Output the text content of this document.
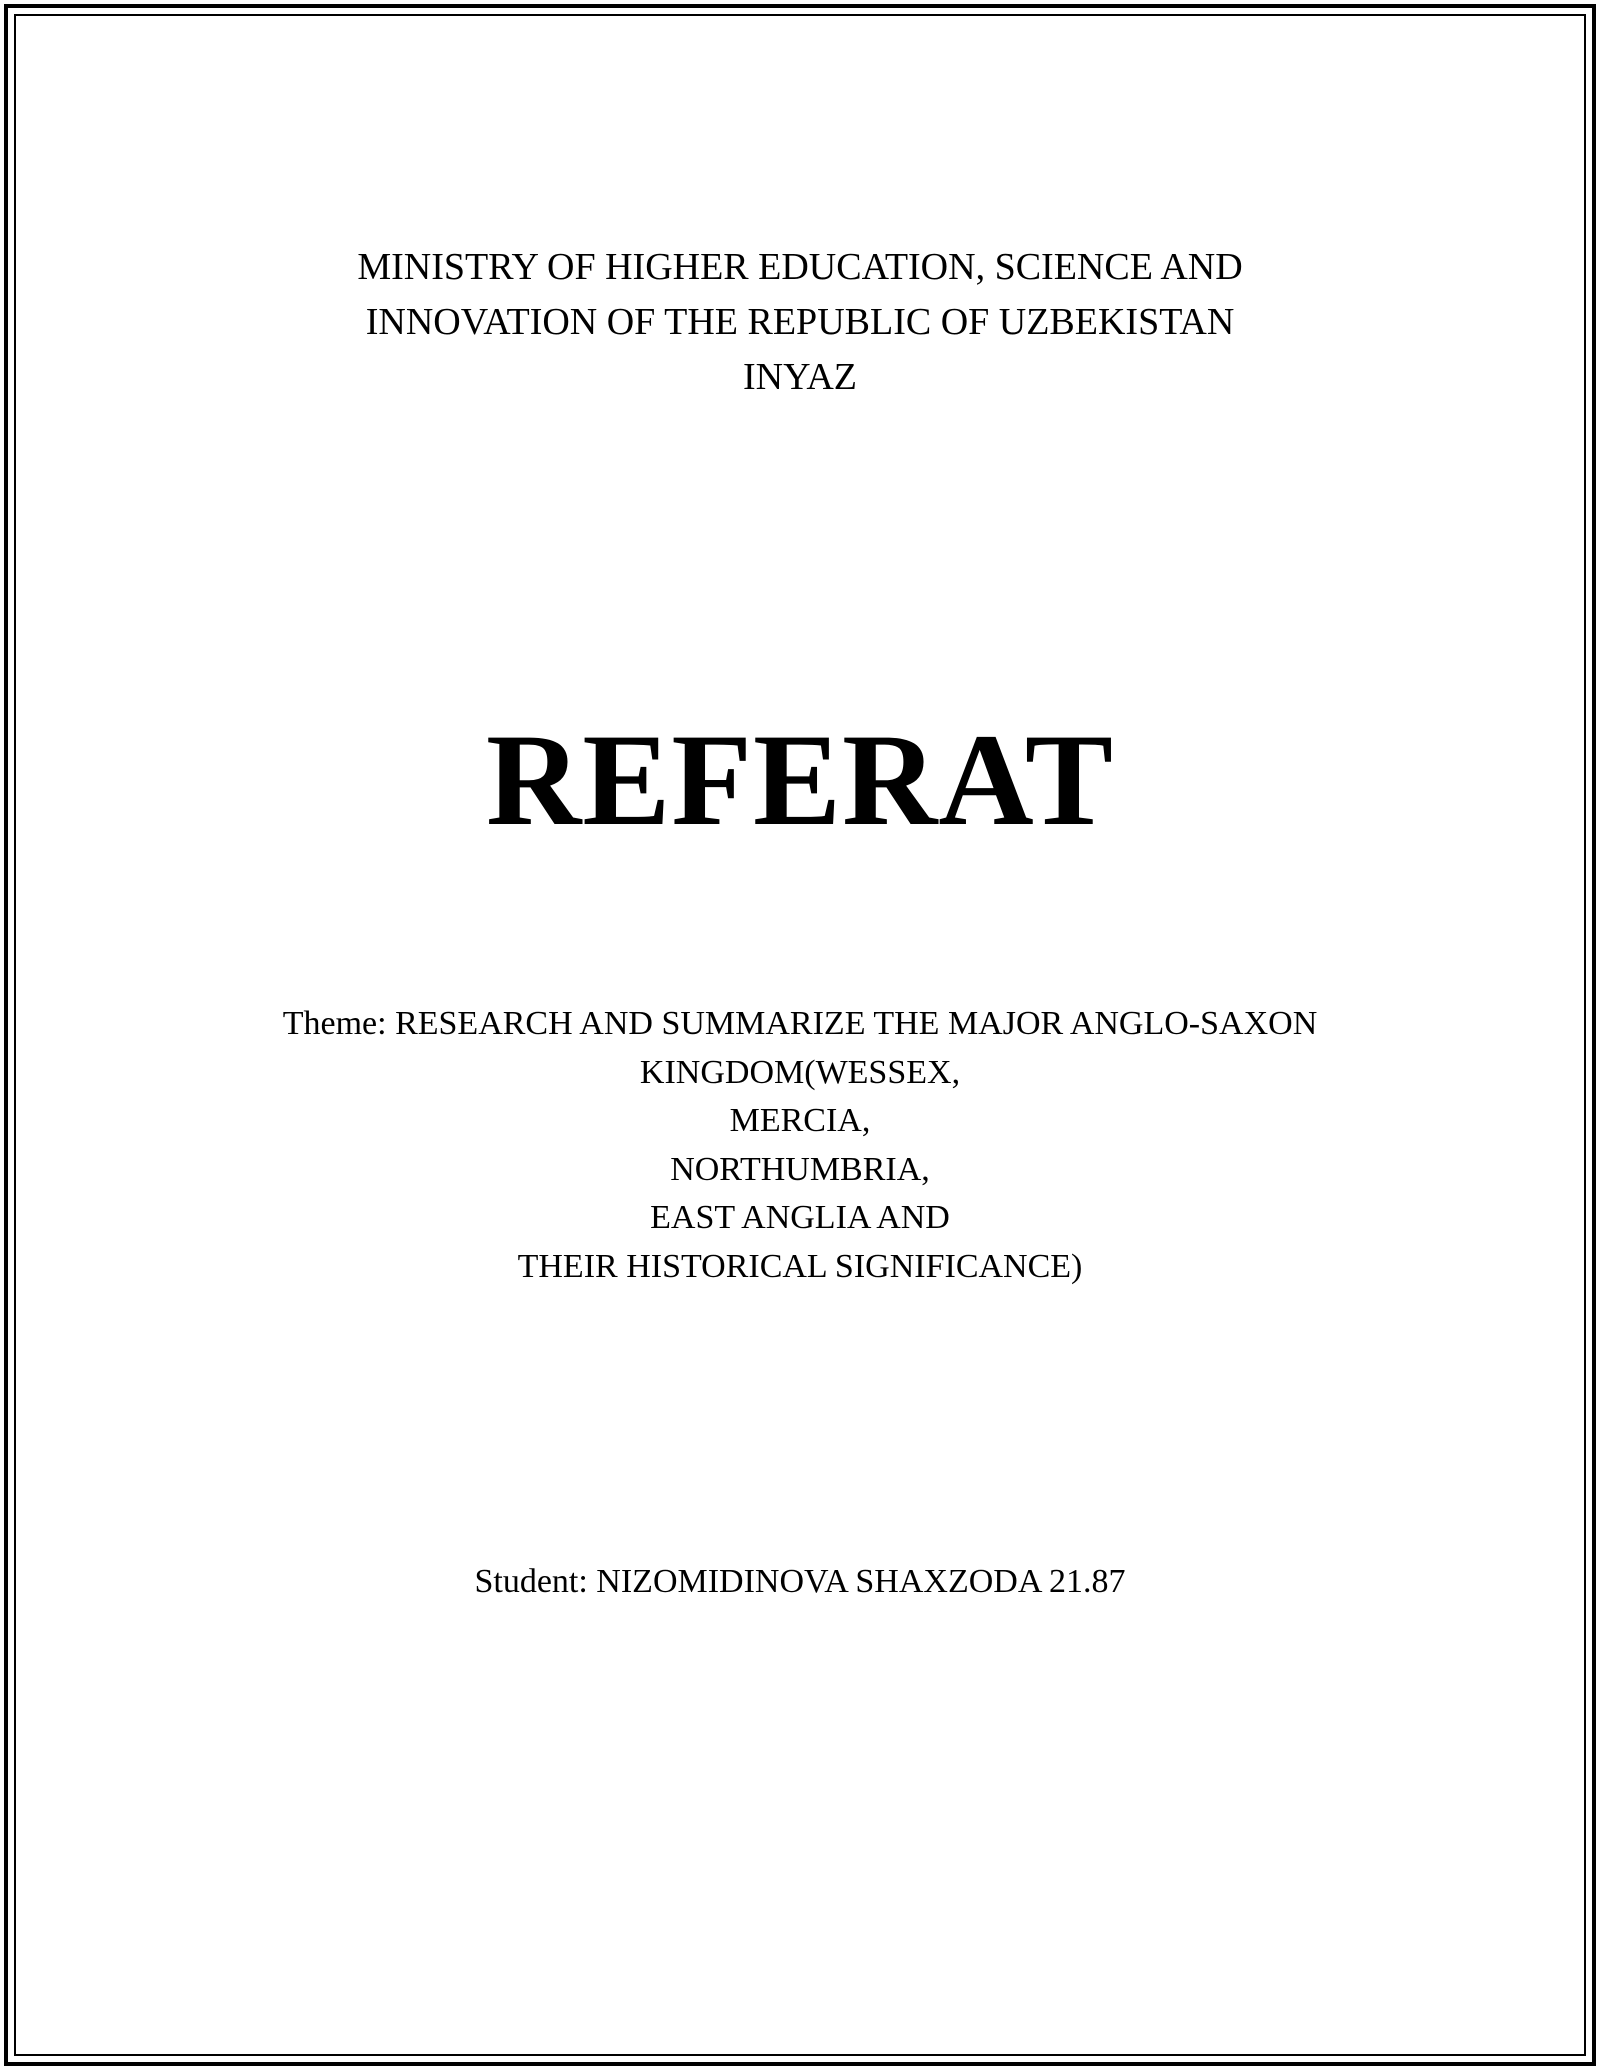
MINISTRY OF HIGHER EDUCATION, SCIENCE AND
INNOVATION OF THE REPUBLIC OF UZBEKISTAN
INYAZ
REFERAT
Theme: RESEARCH AND SUMMARIZE THE MAJOR ANGLO-SAXON
KINGDOM(WESSEX,
MERCIA,
NORTHUMBRIA,
EAST ANGLIA AND
THEIR HISTORICAL SIGNIFICANCE)
Student: NIZOMIDINOVA SHAXZODA 21.87
